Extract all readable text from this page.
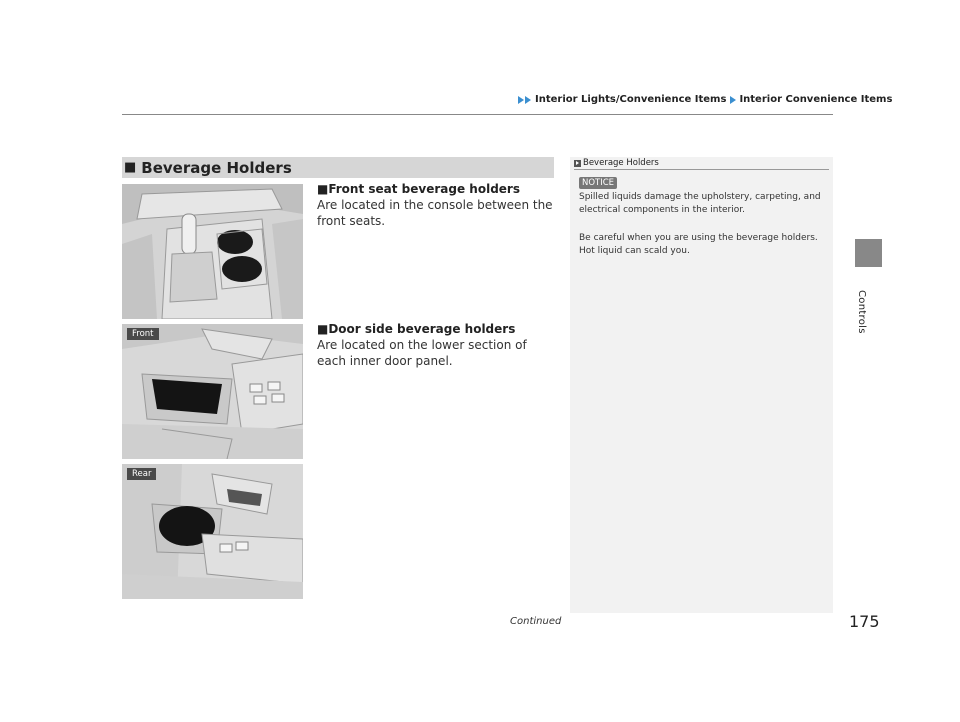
Interior Lights/Convenience Items Interior Convenience Items
Controls
■ Beverage Holders
Front
Rear
■Front seat beverage holders
Are located in the console between the front seats.
■Door side beverage holders
Are located on the lower section of each inner door panel.
Beverage Holders
NOTICE
Spilled liquids damage the upholstery, carpeting, and electrical components in the interior.
Be careful when you are using the beverage holders. Hot liquid can scald you.
Continued	175
